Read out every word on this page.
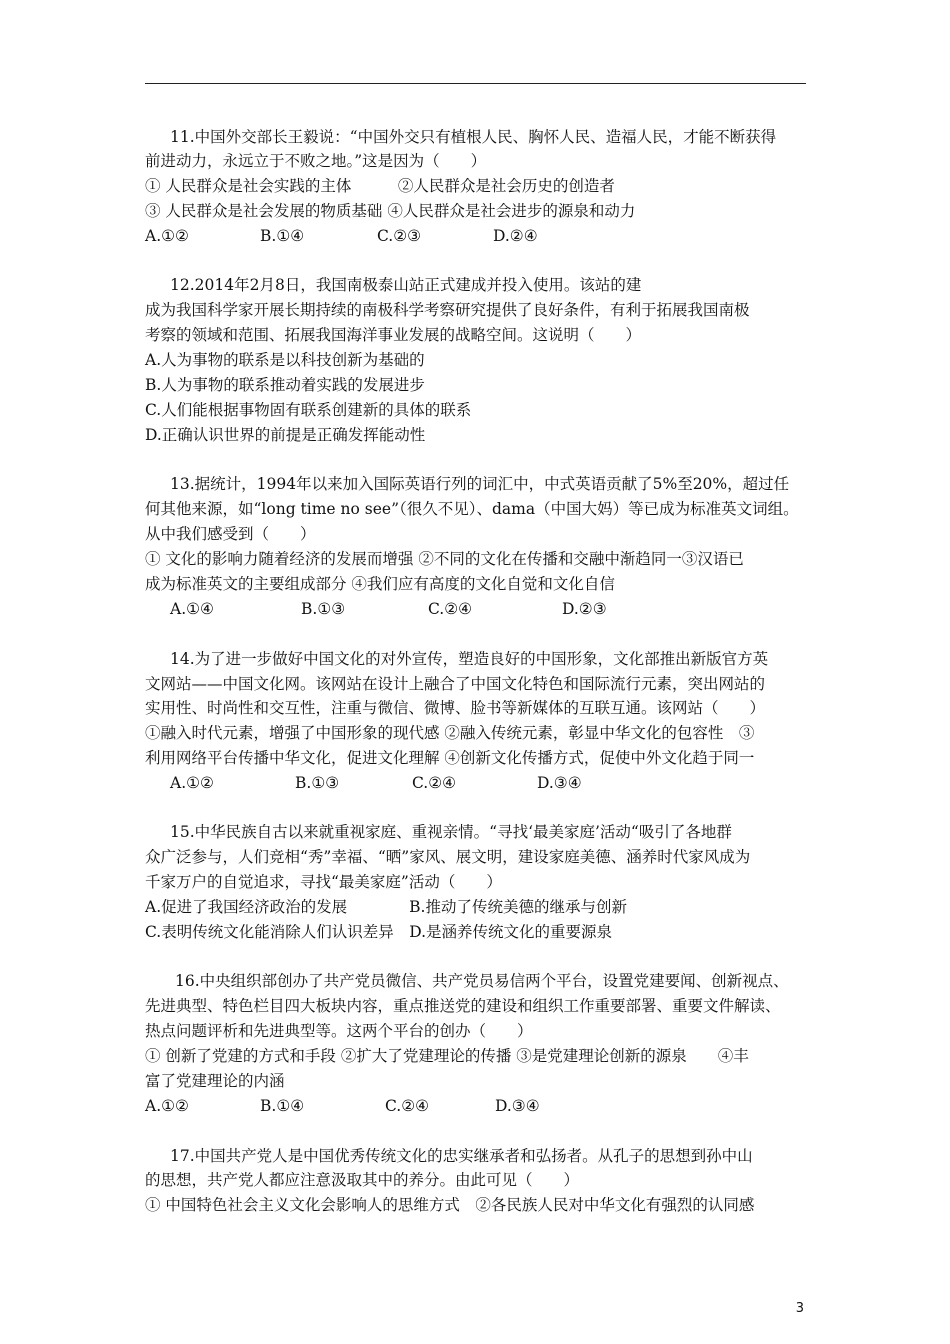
11.中国外交部长王毅说：“中国外交只有植根人民、胸怀人民、造福人民，才能不断获得
前进动力，永远立于不败之地。”这是因为（　　）
① 人民群众是社会实践的主体　　　②人民群众是社会历史的创造者
③ 人民群众是社会发展的物质基础 ④人民群众是社会进步的源泉和动力
A.①②	B.①④	C.②③	D.②④
12.2014年2月8日，我国南极泰山站正式建成并投入使用。该站的建
成为我国科学家开展长期持续的南极科学考察研究提供了良好条件，有利于拓展我国南极
考察的领域和范围、拓展我国海洋事业发展的战略空间。这说明（　　）
A.人为事物的联系是以科技创新为基础的
B.人为事物的联系推动着实践的发展进步
C.人们能根据事物固有联系创建新的具体的联系
D.正确认识世界的前提是正确发挥能动性
13.据统计，1994年以来加入国际英语行列的词汇中，中式英语贡献了5%至20%，超过任
何其他来源，如“long time no see”（很久不见）、dama（中国大妈）等已成为标准英文词组。
从中我们感受到（　　）
① 文化的影响力随着经济的发展而增强 ②不同的文化在传播和交融中渐趋同一③汉语已
成为标准英文的主要组成部分 ④我们应有高度的文化自觉和文化自信
A.①④	B.①③	C.②④	D.②③
14.为了进一步做好中国文化的对外宣传，塑造良好的中国形象，文化部推出新版官方英
文网站——中国文化网。该网站在设计上融合了中国文化特色和国际流行元素，突出网站的
实用性、时尚性和交互性，注重与微信、微博、脸书等新媒体的互联互通。该网站（　　）
①融入时代元素，增强了中国形象的现代感 ②融入传统元素，彰显中华文化的包容性　③
利用网络平台传播中华文化，促进文化理解 ④创新文化传播方式，促使中外文化趋于同一
A.①②	B.①③	C.②④	D.③④
15.中华民族自古以来就重视家庭、重视亲情。“寻找‘最美家庭’活动“吸引了各地群
众广泛参与，人们竞相“秀”幸福、“晒”家风、展文明，建设家庭美德、涵养时代家风成为
千家万户的自觉追求，寻找“最美家庭”活动（　　）
A.促进了我国经济政治的发展　　　　B.推动了传统美德的继承与创新
C.表明传统文化能消除人们认识差异　D.是涵养传统文化的重要源泉
16.中央组织部创办了共产党员微信、共产党员易信两个平台，设置党建要闻、创新视点、
先进典型、特色栏目四大板块内容，重点推送党的建设和组织工作重要部署、重要文件解读、
热点问题评析和先进典型等。这两个平台的创办（　　）
① 创新了党建的方式和手段 ②扩大了党建理论的传播 ③是党建理论创新的源泉　　④丰
富了党建理论的内涵
A.①②	B.①④	C.②④	D.③④
17.中国共产党人是中国优秀传统文化的忠实继承者和弘扬者。从孔子的思想到孙中山
的思想，共产党人都应注意汲取其中的养分。由此可见（　　）
① 中国特色社会主义文化会影响人的思维方式　②各民族人民对中华文化有强烈的认同感
3
